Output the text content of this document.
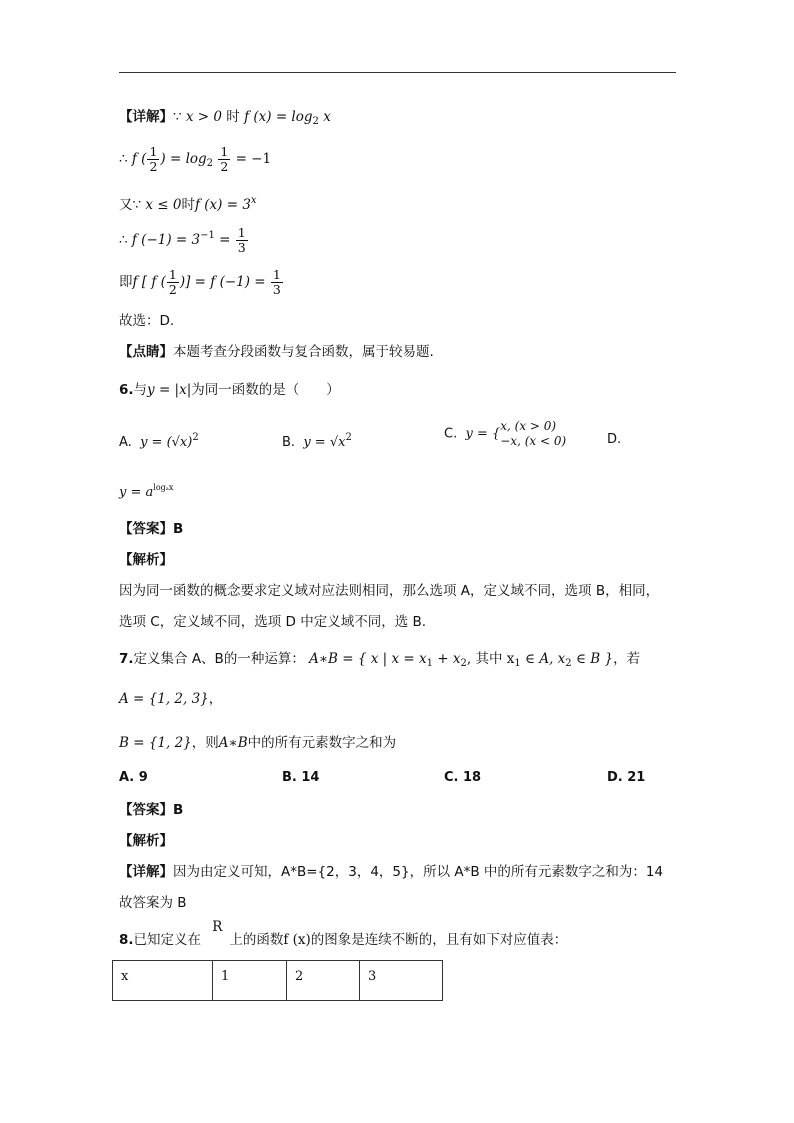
【详解】∵ x > 0 时 f $(x) = \log_2 x$
∴ f ( $\frac{1}{2}$ ) = $\log_2 \frac{1}{2} = -1$
又∵ x ≤ 0时f $(x) = 3^x$
∴ f $(-1) = 3^{-1} = \frac{1}{3}$
即f [ f ( $\frac{1}{2}$ )] = f $(-1) = \frac{1}{3}$
故选：D.
【点睛】本题考查分段函数与复合函数，属于较易题.
6.与y = |x|为同一函数的是（　　）
A. $y = (√x)^2$	B. $y = √x^2$	C. y = {
x, (x > 0)
−x, (x < 0)	D.
$y = a^{log_ax}$
【答案】B
【解析】
因为同一函数的概念要求定义域对应法则相同，那么选项 A，定义域不同，选项 B，相同，
选项 C，定义域不同，选项 D 中定义域不同，选 B.
7.定义集合 A、B的一种运算： A∗B = { x | $x = x_1 + x_2$, 其中 $x_1$ ∈ A, $x_2$ ∈ B }，若
A = {1, 2, 3}，
B = {1, 2}，则A∗B中的所有元素数字之和为
A. 9	B. 14	C. 18	D. 21
【答案】B
【解析】
【详解】因为由定义可知，A*B={2，3，4，5}，所以 A*B 中的所有元素数字之和为：14
故答案为 B
8.已知定义在 R上的函数f (x)的图象是连续不断的，且有如下对应值表：
x	1	2	3
